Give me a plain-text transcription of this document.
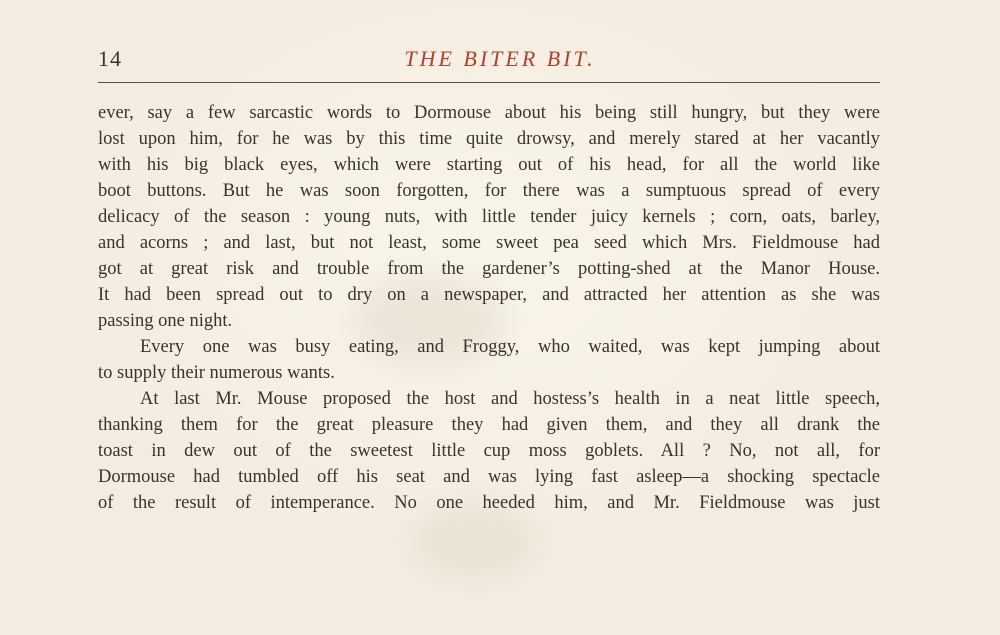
14	THE BITER BIT.
ever, say a few sarcastic words to Dormouse about his being still hungry, but they were
lost upon him, for he was by this time quite drowsy, and merely stared at her vacantly
with his big black eyes, which were starting out of his head, for all the world like
boot buttons. But he was soon forgotten, for there was a sumptuous spread of every
delicacy of the season : young nuts, with little tender juicy kernels ; corn, oats, barley,
and acorns ; and last, but not least, some sweet pea seed which Mrs. Fieldmouse had
got at great risk and trouble from the gardener’s potting-shed at the Manor House.
It had been spread out to dry on a newspaper, and attracted her attention as she was
passing one night.
Every one was busy eating, and Froggy, who waited, was kept jumping about
to supply their numerous wants.
At last Mr. Mouse proposed the host and hostess’s health in a neat little speech,
thanking them for the great pleasure they had given them, and they all drank the
toast in dew out of the sweetest little cup moss goblets. All ? No, not all, for
Dormouse had tumbled off his seat and was lying fast asleep—a shocking spectacle
of the result of intemperance. No one heeded him, and Mr. Fieldmouse was just
